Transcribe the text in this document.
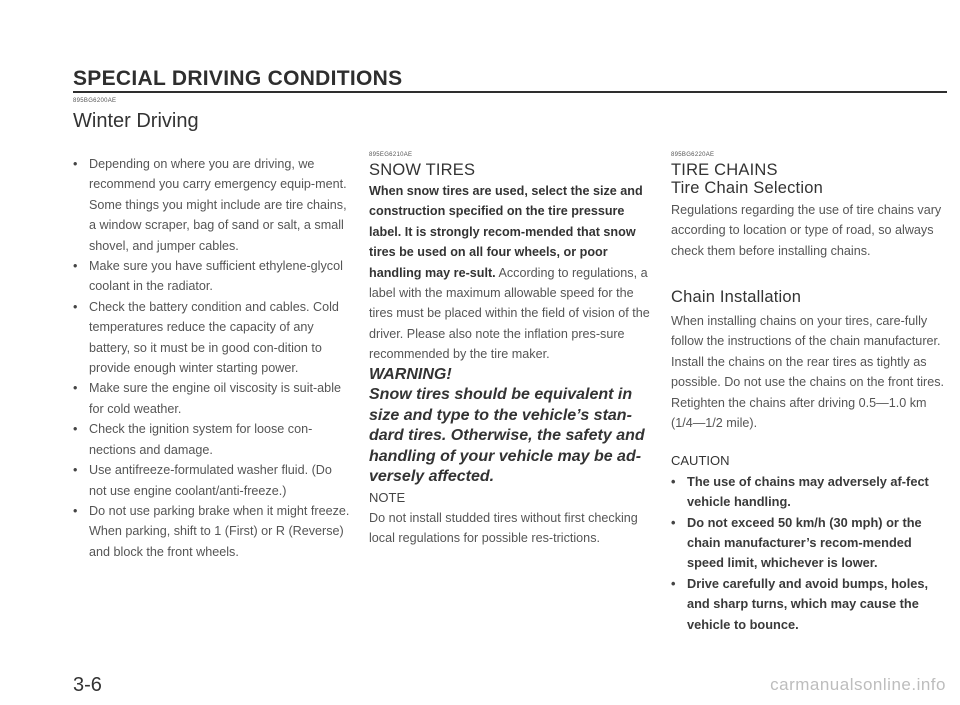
SPECIAL DRIVING CONDITIONS
895BG6200AE
Winter Driving
• Depending on where you are driving, we recommend you carry emergency equip-ment. Some things you might include are tire chains, a window scraper, bag of sand or salt, a small shovel, and jumper cables.
• Make sure you have sufficient ethylene-glycol coolant in the radiator.
• Check the battery condition and cables. Cold temperatures reduce the capacity of any battery, so it must be in good con-dition to provide enough winter starting power.
• Make sure the engine oil viscosity is suit-able for cold weather.
• Check the ignition system for loose con-nections and damage.
• Use antifreeze-formulated washer fluid. (Do not use engine coolant/anti-freeze.)
• Do not use parking brake when it might freeze. When parking, shift to 1 (First) or R (Reverse) and block the front wheels.
895EG6210AE
SNOW TIRES

When snow tires are used, select the size and construction specified on the tire pressure label. It is strongly recom-mended that snow tires be used on all four wheels, or poor handling may re-sult. According to regulations, a label with the maximum allowable speed for the tires must be placed within the field of vision of the driver. Please also note the inflation pres-sure recommended by the tire maker.

WARNING!

Snow tires should be equivalent in size and type to the vehicle’s stan-dard tires. Otherwise, the safety and handling of your vehicle may be ad-versely affected.

NOTE

Do not install studded tires without first checking local regulations for possible res-trictions.

895BG6220AE
TIRE CHAINS
Tire Chain Selection

Regulations regarding the use of tire chains vary according to location or type of road, so always check them before installing chains.

Chain Installation

When installing chains on your tires, care-fully follow the instructions of the chain manufacturer.

Install the chains on the rear tires as tightly as possible. Do not use the chains on the front tires. Retighten the chains after driving 0.5—1.0 km (1/4—1/2 mile).

CAUTION

• The use of chains may adversely af-fect vehicle handling.
• Do not exceed 50 km/h (30 mph) or the chain manufacturer’s recom-mended speed limit, whichever is lower.
• Drive carefully and avoid bumps, holes, and sharp turns, which may cause the vehicle to bounce.
3-6	carmanualsonline.info
